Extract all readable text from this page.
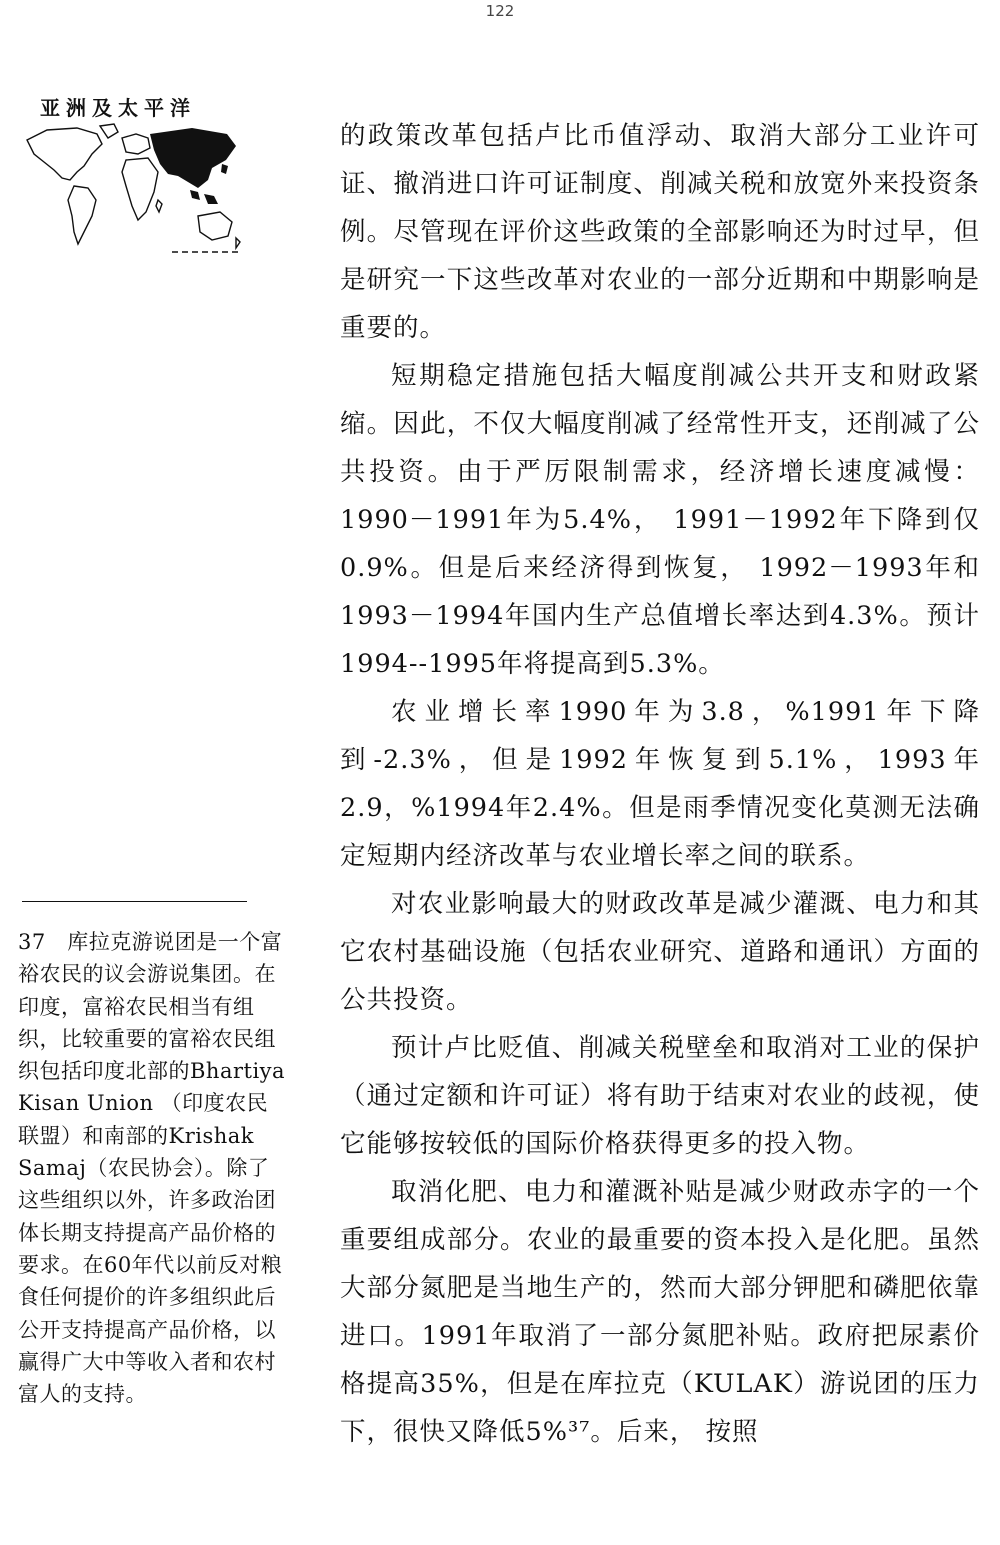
122
亚洲及太平洋

的政策改革包括卢比币值浮动、取消大部分工业许可证、撤消进口许可证制度、削减关税和放宽外来投资条例。尽管现在评价这些政策的全部影响还为时过早，但是研究一下这些改革对农业的一部分近期和中期影响是重要的。

短期稳定措施包括大幅度削减公共开支和财政紧缩。因此，不仅大幅度削减了经常性开支，还削减了公共投资。由于严厉限制需求，经济增长速度减慢：1990－1991年为5.4%， 1991－1992年下降到仅0.9%。但是后来经济得到恢复， 1992－1993年和1993－1994年国内生产总值增长率达到4.3%。预计1994--1995年将提高到5.3%。

农业增长率1990年为3.8，%1991年下降到-2.3%，但是1992年恢复到5.1%，1993年2.9，%1994年2.4%。但是雨季情况变化莫测无法确定短期内经济改革与农业增长率之间的联系。

对农业影响最大的财政改革是减少灌溉、电力和其它农村基础设施（包括农业研究、道路和通讯）方面的公共投资。

预计卢比贬值、削减关税壁垒和取消对工业的保护（通过定额和许可证）将有助于结束对农业的歧视，使它能够按较低的国际价格获得更多的投入物。

取消化肥、电力和灌溉补贴是减少财政赤字的一个重要组成部分。农业的最重要的资本投入是化肥。虽然大部分氮肥是当地生产的，然而大部分钾肥和磷肥依靠进口。1991年取消了一部分氮肥补贴。政府把尿素价格提高35%，但是在库拉克（KULAK）游说团的压力下，很快又降低5%³⁷。后来， 按照

37　库拉克游说团是一个富裕农民的议会游说集团。在印度，富裕农民相当有组织，比较重要的富裕农民组织包括印度北部的Bhartiya Kisan Union （印度农民联盟）和南部的Krishak Samaj（农民协会）。除了这些组织以外，许多政治团体长期支持提高产品价格的要求。在60年代以前反对粮食任何提价的许多组织此后公开支持提高产品价格，以赢得广大中等收入者和农村富人的支持。
